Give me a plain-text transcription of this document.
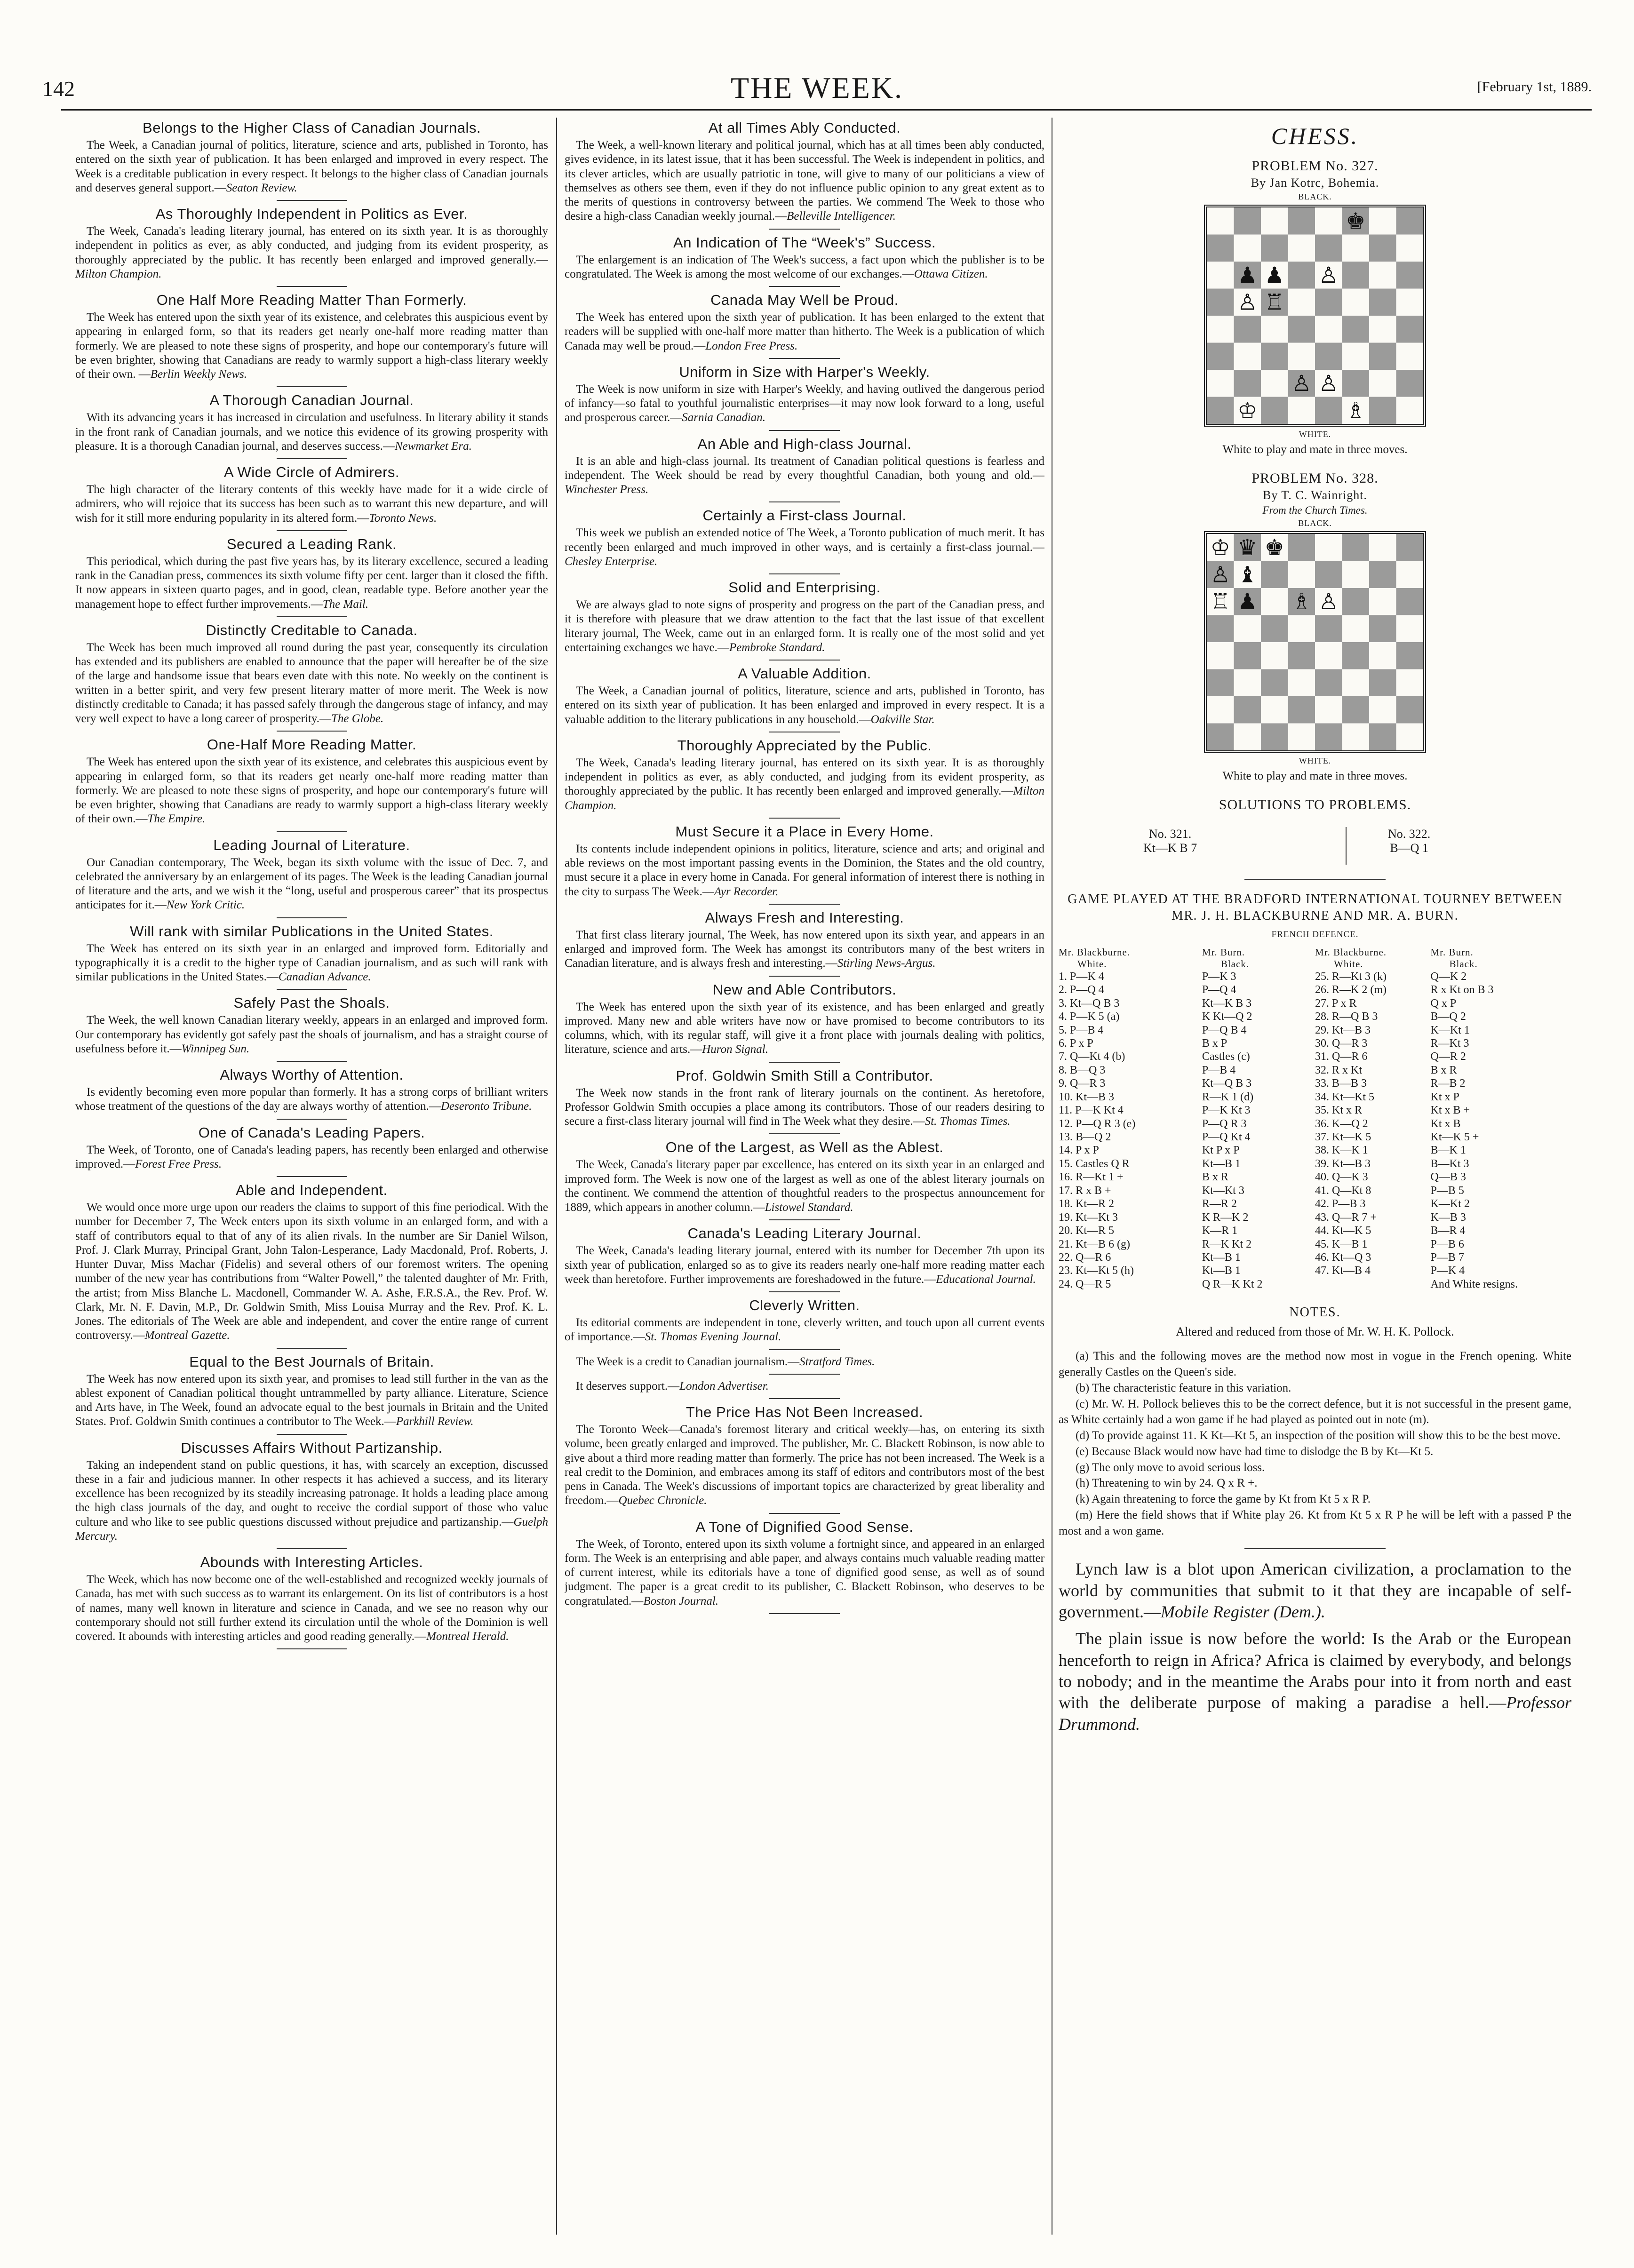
142	THE WEEK.	[February 1st, 1889.
Belongs to the Higher Class of Canadian Journals.

The Week, a Canadian journal of politics, literature, science and arts, published in Toronto, has entered on the sixth year of publication. It has been enlarged and improved in every respect. The Week is a creditable publication in every respect. It belongs to the higher class of Canadian journals and deserves general support.—Seaton Review.

As Thoroughly Independent in Politics as Ever.

The Week, Canada's leading literary journal, has entered on its sixth year. It is as thoroughly independent in politics as ever, as ably conducted, and judging from its evident prosperity, as thoroughly appreciated by the public. It has recently been enlarged and improved generally.—Milton Champion.

One Half More Reading Matter Than Formerly.

The Week has entered upon the sixth year of its existence, and celebrates this auspicious event by appearing in enlarged form, so that its readers get nearly one-half more reading matter than formerly. We are pleased to note these signs of prosperity, and hope our contemporary's future will be even brighter, showing that Canadians are ready to warmly support a high-class literary weekly of their own. —Berlin Weekly News.

A Thorough Canadian Journal.

With its advancing years it has increased in circulation and usefulness. In literary ability it stands in the front rank of Canadian journals, and we notice this evidence of its growing prosperity with pleasure. It is a thorough Canadian journal, and deserves success.—Newmarket Era.

A Wide Circle of Admirers.

The high character of the literary contents of this weekly have made for it a wide circle of admirers, who will rejoice that its success has been such as to warrant this new departure, and will wish for it still more enduring popularity in its altered form.—Toronto News.

Secured a Leading Rank.

This periodical, which during the past five years has, by its literary excellence, secured a leading rank in the Canadian press, commences its sixth volume fifty per cent. larger than it closed the fifth. It now appears in sixteen quarto pages, and in good, clean, readable type. Before another year the management hope to effect further improvements.—The Mail.

Distinctly Creditable to Canada.

The Week has been much improved all round during the past year, consequently its circulation has extended and its publishers are enabled to announce that the paper will hereafter be of the size of the large and handsome issue that bears even date with this note. No weekly on the continent is written in a better spirit, and very few present literary matter of more merit. The Week is now distinctly creditable to Canada; it has passed safely through the dangerous stage of infancy, and may very well expect to have a long career of prosperity.—The Globe.

One-Half More Reading Matter.

The Week has entered upon the sixth year of its existence, and celebrates this auspicious event by appearing in enlarged form, so that its readers get nearly one-half more reading matter than formerly. We are pleased to note these signs of prosperity, and hope our contemporary's future will be even brighter, showing that Canadians are ready to warmly support a high-class literary weekly of their own.—The Empire.

Leading Journal of Literature.

Our Canadian contemporary, The Week, began its sixth volume with the issue of Dec. 7, and celebrated the anniversary by an enlargement of its pages. The Week is the leading Canadian journal of literature and the arts, and we wish it the “long, useful and prosperous career” that its prospectus anticipates for it.—New York Critic.

Will rank with similar Publications in the United States.

The Week has entered on its sixth year in an enlarged and improved form. Editorially and typographically it is a credit to the higher type of Canadian journalism, and as such will rank with similar publications in the United States.—Canadian Advance.

Safely Past the Shoals.

The Week, the well known Canadian literary weekly, appears in an enlarged and improved form. Our contemporary has evidently got safely past the shoals of journalism, and has a straight course of usefulness before it.—Winnipeg Sun.

Always Worthy of Attention.

Is evidently becoming even more popular than formerly. It has a strong corps of brilliant writers whose treatment of the questions of the day are always worthy of attention.—Deseronto Tribune.

One of Canada's Leading Papers.

The Week, of Toronto, one of Canada's leading papers, has recently been enlarged and otherwise improved.—Forest Free Press.

Able and Independent.

We would once more urge upon our readers the claims to support of this fine periodical. With the number for December 7, The Week enters upon its sixth volume in an enlarged form, and with a staff of contributors equal to that of any of its alien rivals. In the number are Sir Daniel Wilson, Prof. J. Clark Murray, Principal Grant, John Talon-Lesperance, Lady Macdonald, Prof. Roberts, J. Hunter Duvar, Miss Machar (Fidelis) and several others of our foremost writers. The opening number of the new year has contributions from “Walter Powell,” the talented daughter of Mr. Frith, the artist; from Miss Blanche L. Macdonell, Commander W. A. Ashe, F.R.S.A., the Rev. Prof. W. Clark, Mr. N. F. Davin, M.P., Dr. Goldwin Smith, Miss Louisa Murray and the Rev. Prof. K. L. Jones. The editorials of The Week are able and independent, and cover the entire range of current controversy.—Montreal Gazette.

Equal to the Best Journals of Britain.

The Week has now entered upon its sixth year, and promises to lead still further in the van as the ablest exponent of Canadian political thought untrammelled by party alliance. Literature, Science and Arts have, in The Week, found an advocate equal to the best journals in Britain and the United States. Prof. Goldwin Smith continues a contributor to The Week.—Parkhill Review.

Discusses Affairs Without Partizanship.

Taking an independent stand on public questions, it has, with scarcely an exception, discussed these in a fair and judicious manner. In other respects it has achieved a success, and its literary excellence has been recognized by its steadily increasing patronage. It holds a leading place among the high class journals of the day, and ought to receive the cordial support of those who value culture and who like to see public questions discussed without prejudice and partizanship.—Guelph Mercury.

Abounds with Interesting Articles.

The Week, which has now become one of the well-established and recognized weekly journals of Canada, has met with such success as to warrant its enlargement. On its list of contributors is a host of names, many well known in literature and science in Canada, and we see no reason why our contemporary should not still further extend its circulation until the whole of the Dominion is well covered. It abounds with interesting articles and good reading generally.—Montreal Herald.

At all Times Ably Conducted.

The Week, a well-known literary and political journal, which has at all times been ably conducted, gives evidence, in its latest issue, that it has been successful. The Week is independent in politics, and its clever articles, which are usually patriotic in tone, will give to many of our politicians a view of themselves as others see them, even if they do not influence public opinion to any great extent as to the merits of questions in controversy between the parties. We commend The Week to those who desire a high-class Canadian weekly journal.—Belleville Intelligencer.

An Indication of The “Week's” Success.

The enlargement is an indication of The Week's success, a fact upon which the publisher is to be congratulated. The Week is among the most welcome of our exchanges.—Ottawa Citizen.

Canada May Well be Proud.

The Week has entered upon the sixth year of publication. It has been enlarged to the extent that readers will be supplied with one-half more matter than hitherto. The Week is a publication of which Canada may well be proud.—London Free Press.

Uniform in Size with Harper's Weekly.

The Week is now uniform in size with Harper's Weekly, and having outlived the dangerous period of infancy—so fatal to youthful journalistic enterprises—it may now look forward to a long, useful and prosperous career.—Sarnia Canadian.

An Able and High-class Journal.

It is an able and high-class journal. Its treatment of Canadian political questions is fearless and independent. The Week should be read by every thoughtful Canadian, both young and old.—Winchester Press.

Certainly a First-class Journal.

This week we publish an extended notice of The Week, a Toronto publication of much merit. It has recently been enlarged and much improved in other ways, and is certainly a first-class journal.—Chesley Enterprise.

Solid and Enterprising.

We are always glad to note signs of prosperity and progress on the part of the Canadian press, and it is therefore with pleasure that we draw attention to the fact that the last issue of that excellent literary journal, The Week, came out in an enlarged form. It is really one of the most solid and yet entertaining exchanges we have.—Pembroke Standard.

A Valuable Addition.

The Week, a Canadian journal of politics, literature, science and arts, published in Toronto, has entered on its sixth year of publication. It has been enlarged and improved in every respect. It is a valuable addition to the literary publications in any household.—Oakville Star.

Thoroughly Appreciated by the Public.

The Week, Canada's leading literary journal, has entered on its sixth year. It is as thoroughly independent in politics as ever, as ably conducted, and judging from its evident prosperity, as thoroughly appreciated by the public. It has recently been enlarged and improved generally.—Milton Champion.

Must Secure it a Place in Every Home.

Its contents include independent opinions in politics, literature, science and arts; and original and able reviews on the most important passing events in the Dominion, the States and the old country, must secure it a place in every home in Canada. For general information of interest there is nothing in the city to surpass The Week.—Ayr Recorder.

Always Fresh and Interesting.

That first class literary journal, The Week, has now entered upon its sixth year, and appears in an enlarged and improved form. The Week has amongst its contributors many of the best writers in Canadian literature, and is always fresh and interesting.—Stirling News-Argus.

New and Able Contributors.

The Week has entered upon the sixth year of its existence, and has been enlarged and greatly improved. Many new and able writers have now or have promised to become contributors to its columns, which, with its regular staff, will give it a front place with journals dealing with politics, literature, science and arts.—Huron Signal.

Prof. Goldwin Smith Still a Contributor.

The Week now stands in the front rank of literary journals on the continent. As heretofore, Professor Goldwin Smith occupies a place among its contributors. Those of our readers desiring to secure a first-class literary journal will find in The Week what they desire.—St. Thomas Times.

One of the Largest, as Well as the Ablest.

The Week, Canada's literary paper par excellence, has entered on its sixth year in an enlarged and improved form. The Week is now one of the largest as well as one of the ablest literary journals on the continent. We commend the attention of thoughtful readers to the prospectus announcement for 1889, which appears in another column.—Listowel Standard.

Canada's Leading Literary Journal.

The Week, Canada's leading literary journal, entered with its number for December 7th upon its sixth year of publication, enlarged so as to give its readers nearly one-half more reading matter each week than heretofore. Further improvements are foreshadowed in the future.—Educational Journal.

Cleverly Written.

Its editorial comments are independent in tone, cleverly written, and touch upon all current events of importance.—St. Thomas Evening Journal.

The Week is a credit to Canadian journalism.—Stratford Times.

It deserves support.—London Advertiser.

The Price Has Not Been Increased.

The Toronto Week—Canada's foremost literary and critical weekly—has, on entering its sixth volume, been greatly enlarged and improved. The publisher, Mr. C. Blackett Robinson, is now able to give about a third more reading matter than formerly. The price has not been increased. The Week is a real credit to the Dominion, and embraces among its staff of editors and contributors most of the best pens in Canada. The Week's discussions of important topics are characterized by great liberality and freedom.—Quebec Chronicle.

A Tone of Dignified Good Sense.

The Week, of Toronto, entered upon its sixth volume a fortnight since, and appeared in an enlarged form. The Week is an enterprising and able paper, and always contains much valuable reading matter of current interest, while its editorials have a tone of dignified good sense, as well as of sound judgment. The paper is a great credit to its publisher, C. Blackett Robinson, who deserves to be congratulated.—Boston Journal.

CHESS.
PROBLEM No. 327.
By Jan Kotrc, Bohemia.
BLACK.
♚
♟ ♟ ♙
♙ ♖
♙ ♙
♔	♗
WHITE.
White to play and mate in three moves.
PROBLEM No. 328.
By T. C. Wainright.
From the Church Times.
BLACK.
♔ ♛ ♚
♙ ♝
♖ ♟ ♗ ♙
WHITE.
White to play and mate in three moves.
SOLUTIONS TO PROBLEMS.
No. 321.
Kt—K B 7
No. 322.
B—Q 1
GAME PLAYED AT THE BRADFORD INTERNATIONAL TOURNEY BETWEEN MR. J. H. BLACKBURNE AND MR. A. BURN.
FRENCH DEFENCE.
Mr. Blackburne.	Mr. Burn.
White.	Black.
1. P—K 4	P—K 3
2. P—Q 4	P—Q 4
3. Kt—Q B 3	Kt—K B 3
4. P—K 5 (a)	K Kt—Q 2
5. P—B 4	P—Q B 4
6. P x P	B x P
7. Q—Kt 4 (b)	Castles (c)
8. B—Q 3	P—B 4
9. Q—R 3	Kt—Q B 3
10. Kt—B 3	R—K 1 (d)
11. P—K Kt 4	P—K Kt 3
12. P—Q R 3 (e)	P—Q R 3
13. B—Q 2	P—Q Kt 4
14. P x P	Kt P x P
15. Castles Q R	Kt—B 1
16. R—Kt 1 +	B x R
17. R x B +	Kt—Kt 3
18. Kt—R 2	R—R 2
19. Kt—Kt 3	K R—K 2
20. Kt—R 5	K—R 1
21. Kt—B 6 (g)	R—K Kt 2
22. Q—R 6	Kt—B 1
23. Kt—Kt 5 (h)	Kt—B 1
24. Q—R 5	Q R—K Kt 2
Mr. Blackburne.	Mr. Burn.
White.	Black.
25. R—Kt 3 (k)	Q—K 2
26. R—K 2 (m)	R x Kt on B 3
27. P x R	Q x P
28. R—Q B 3	B—Q 2
29. Kt—B 3	K—Kt 1
30. Q—R 3	R—Kt 3
31. Q—R 6	Q—R 2
32. R x Kt	B x R
33. B—B 3	R—B 2
34. Kt—Kt 5	Kt x P
35. Kt x R	Kt x B +
36. K—Q 2	Kt x B
37. Kt—K 5	Kt—K 5 +
38. K—K 1	B—K 1
39. Kt—B 3	B—Kt 3
40. Q—K 3	Q—B 3
41. Q—Kt 8	P—B 5
42. P—B 3	K—Kt 2
43. Q—R 7 +	K—B 3
44. Kt—K 5	B—R 4
45. K—B 1	P—B 6
46. Kt—Q 3	P—B 7
47. Kt—B 4	P—K 4
	And White resigns.
NOTES.
Altered and reduced from those of Mr. W. H. K. Pollock.

(a) This and the following moves are the method now most in vogue in the French opening. White generally Castles on the Queen's side.

(b) The characteristic feature in this variation.

(c) Mr. W. H. Pollock believes this to be the correct defence, but it is not successful in the present game, as White certainly had a won game if he had played as pointed out in note (m).

(d) To provide against 11. K Kt—Kt 5, an inspection of the position will show this to be the best move.

(e) Because Black would now have had time to dislodge the B by Kt—Kt 5.

(g) The only move to avoid serious loss.

(h) Threatening to win by 24. Q x R +.

(k) Again threatening to force the game by Kt from Kt 5 x R P.

(m) Here the field shows that if White play 26. Kt from Kt 5 x R P he will be left with a passed P the most and a won game.

Lynch law is a blot upon American civilization, a proclamation to the world by communities that submit to it that they are incapable of self-government.—Mobile Register (Dem.).

The plain issue is now before the world: Is the Arab or the European henceforth to reign in Africa? Africa is claimed by everybody, and belongs to nobody; and in the meantime the Arabs pour into it from north and east with the deliberate purpose of making a paradise a hell.—Professor Drummond.
